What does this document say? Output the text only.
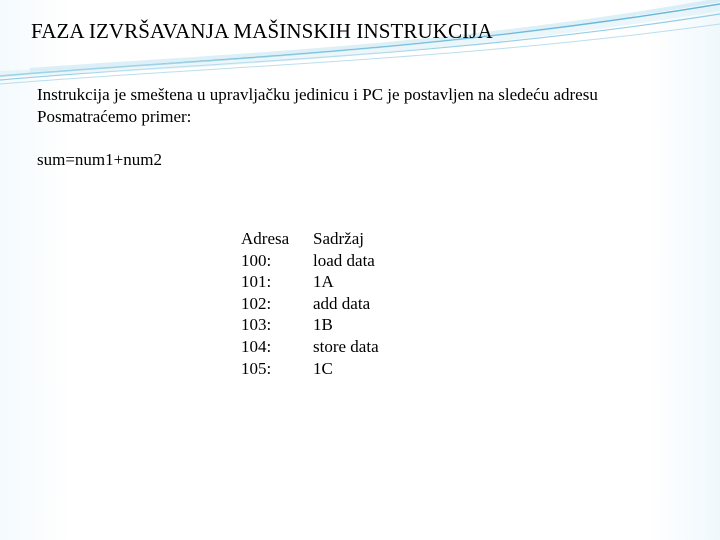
FAZA IZVRŠAVANJA MAŠINSKIH INSTRUKCIJA
Instrukcija je smeštena u upravljačku jedinicu i PC je postavljen na sledeću adresu
Posmatraćemo primer:
sum=num1+num2
Adresa	Sadržaj
100:	load data
101:	1A
102:	add data
103:	1B
104:	store data
105:	1C
